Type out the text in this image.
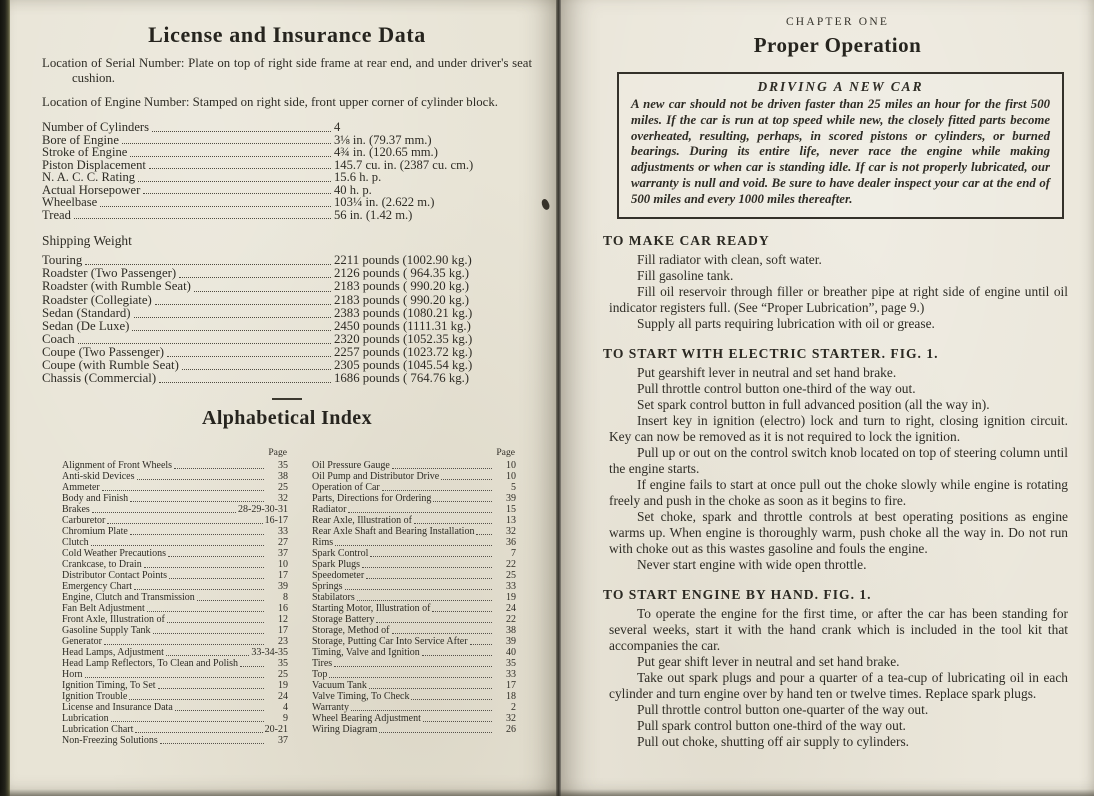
License and Insurance Data

Location of Serial Number: Plate on top of right side frame at rear end, and under driver's seat cushion.

Location of Engine Number: Stamped on right side, front upper corner of cylinder block.

Number of Cylinders	4
Bore of Engine	3⅛ in. (79.37 mm.)
Stroke of Engine	4¾ in. (120.65 mm.)
Piston Displacement	145.7 cu. in. (2387 cu. cm.)
N. A. C. C. Rating	15.6 h. p.
Actual Horsepower	40 h. p.
Wheelbase	103¼ in. (2.622 m.)
Tread	56 in. (1.42 m.)
Shipping Weight
Touring	2211 pounds (1002.90 kg.)
Roadster (Two Passenger)	2126 pounds ( 964.35 kg.)
Roadster (with Rumble Seat)	2183 pounds ( 990.20 kg.)
Roadster (Collegiate)	2183 pounds ( 990.20 kg.)
Sedan (Standard)	2383 pounds (1080.21 kg.)
Sedan (De Luxe)	2450 pounds (1111.31 kg.)
Coach	2320 pounds (1052.35 kg.)
Coupe (Two Passenger)	2257 pounds (1023.72 kg.)
Coupe (with Rumble Seat)	2305 pounds (1045.54 kg.)
Chassis (Commercial)	1686 pounds ( 764.76 kg.)
Alphabetical Index
Page
Alignment of Front Wheels	35
Anti-skid Devices	38
Ammeter	25
Body and Finish	32
Brakes	28-29-30-31
Carburetor	16-17
Chromium Plate	33
Clutch	27
Cold Weather Precautions	37
Crankcase, to Drain	10
Distributor Contact Points	17
Emergency Chart	39
Engine, Clutch and Transmission	8
Fan Belt Adjustment	16
Front Axle, Illustration of	12
Gasoline Supply Tank	17
Generator	23
Head Lamps, Adjustment	33-34-35
Head Lamp Reflectors, To Clean and Polish	35
Horn	25
Ignition Timing, To Set	19
Ignition Trouble	24
License and Insurance Data	4
Lubrication	9
Lubrication Chart	20-21
Non-Freezing Solutions	37
Page
Oil Pressure Gauge	10
Oil Pump and Distributor Drive	10
Operation of Car	5
Parts, Directions for Ordering	39
Radiator	15
Rear Axle, Illustration of	13
Rear Axle Shaft and Bearing Installation	32
Rims	36
Spark Control	7
Spark Plugs	22
Speedometer	25
Springs	33
Stabilators	19
Starting Motor, Illustration of	24
Storage Battery	22
Storage, Method of	38
Storage, Putting Car Into Service After	39
Timing, Valve and Ignition	40
Tires	35
Top	33
Vacuum Tank	17
Valve Timing, To Check	18
Warranty	2
Wheel Bearing Adjustment	32
Wiring Diagram	26
CHAPTER ONE
Proper Operation
DRIVING A NEW CAR
A new car should not be driven faster than 25 miles an hour for the first 500 miles. If the car is run at top speed while new, the closely fitted parts become overheated, resulting, perhaps, in scored pistons or cylinders, or burned bearings. During its entire life, never race the engine while making adjustments or when car is standing idle. If car is not properly lubricated, our warranty is null and void. Be sure to have dealer inspect your car at the end of 500 miles and every 1000 miles thereafter.
TO MAKE CAR READY

Fill radiator with clean, soft water.

Fill gasoline tank.

Fill oil reservoir through filler or breather pipe at right side of engine until oil indicator registers full. (See “Proper Lubrication”, page 9.)

Supply all parts requiring lubrication with oil or grease.

TO START WITH ELECTRIC STARTER. FIG. 1.

Put gearshift lever in neutral and set hand brake.

Pull throttle control button one-third of the way out.

Set spark control button in full advanced position (all the way in).

Insert key in ignition (electro) lock and turn to right, closing ignition circuit. Key can now be removed as it is not required to lock the ignition.

Pull up or out on the control switch knob located on top of steering column until the engine starts.

If engine fails to start at once pull out the choke slowly while engine is rotating freely and push in the choke as soon as it begins to fire.

Set choke, spark and throttle controls at best operating positions as engine warms up. When engine is thoroughly warm, push choke all the way in. Do not run with choke out as this wastes gasoline and fouls the engine.

Never start engine with wide open throttle.

TO START ENGINE BY HAND. FIG. 1.

To operate the engine for the first time, or after the car has been standing for several weeks, start it with the hand crank which is included in the tool kit that accompanies the car.

Put gear shift lever in neutral and set hand brake.

Take out spark plugs and pour a quarter of a tea-cup of lubricating oil in each cylinder and turn engine over by hand ten or twelve times. Replace spark plugs.

Pull throttle control button one-quarter of the way out.

Pull spark control button one-third of the way out.

Pull out choke, shutting off air supply to cylinders.
